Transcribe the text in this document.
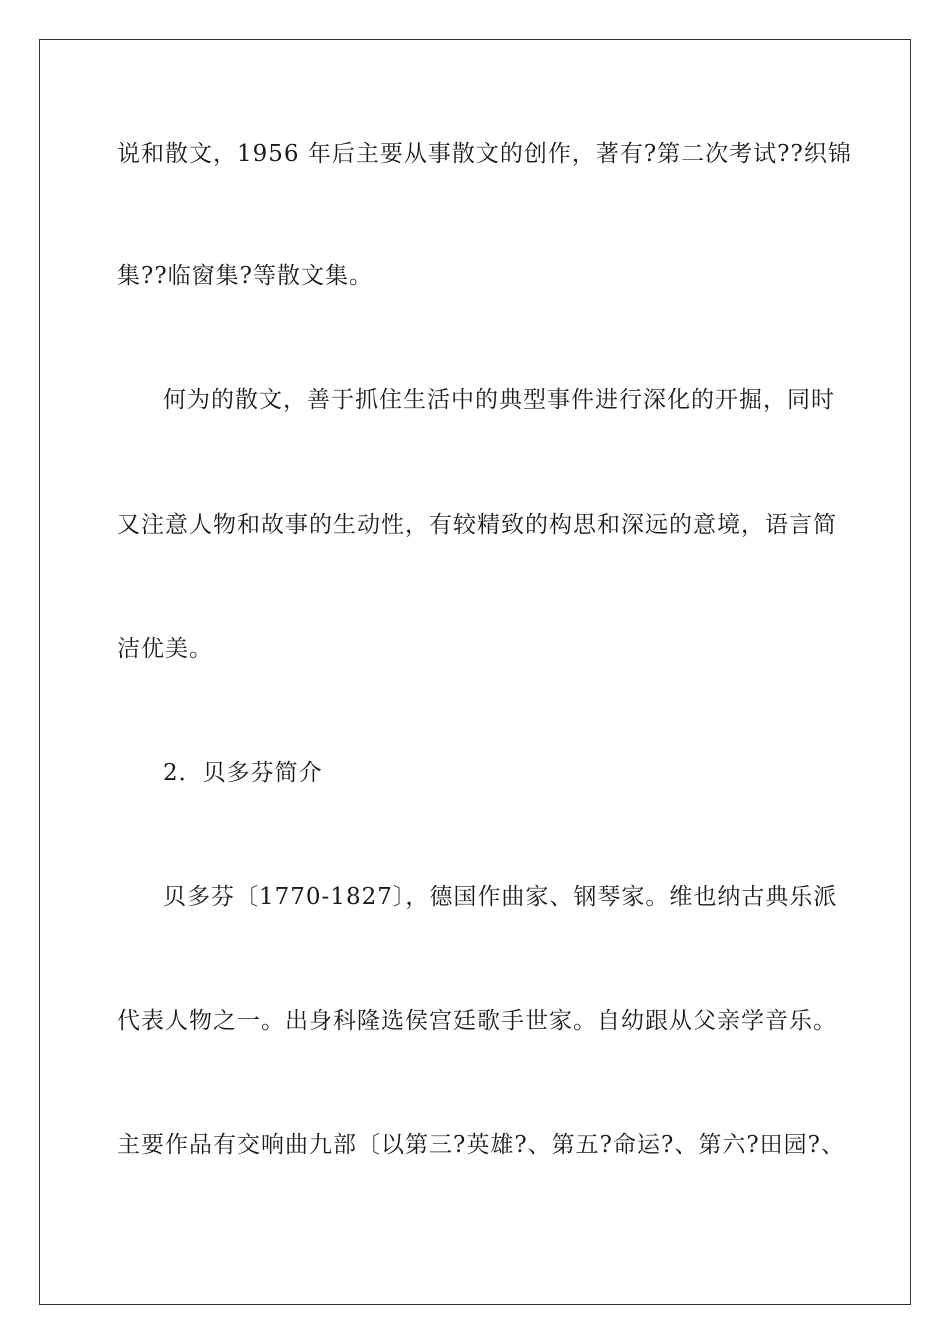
说和散文，1956 年后主要从事散文的创作，著有?第二次考试??织锦
集??临窗集?等散文集。
何为的散文，善于抓住生活中的典型事件进行深化的开掘，同时
又注意人物和故事的生动性，有较精致的构思和深远的意境，语言简
洁优美。
2．贝多芬简介
贝多芬〔1770-1827〕，德国作曲家、钢琴家。维也纳古典乐派
代表人物之一。出身科隆选侯宫廷歌手世家。自幼跟从父亲学音乐。
主要作品有交响曲九部〔以第三?英雄?、第五?命运?、第六?田园?、
